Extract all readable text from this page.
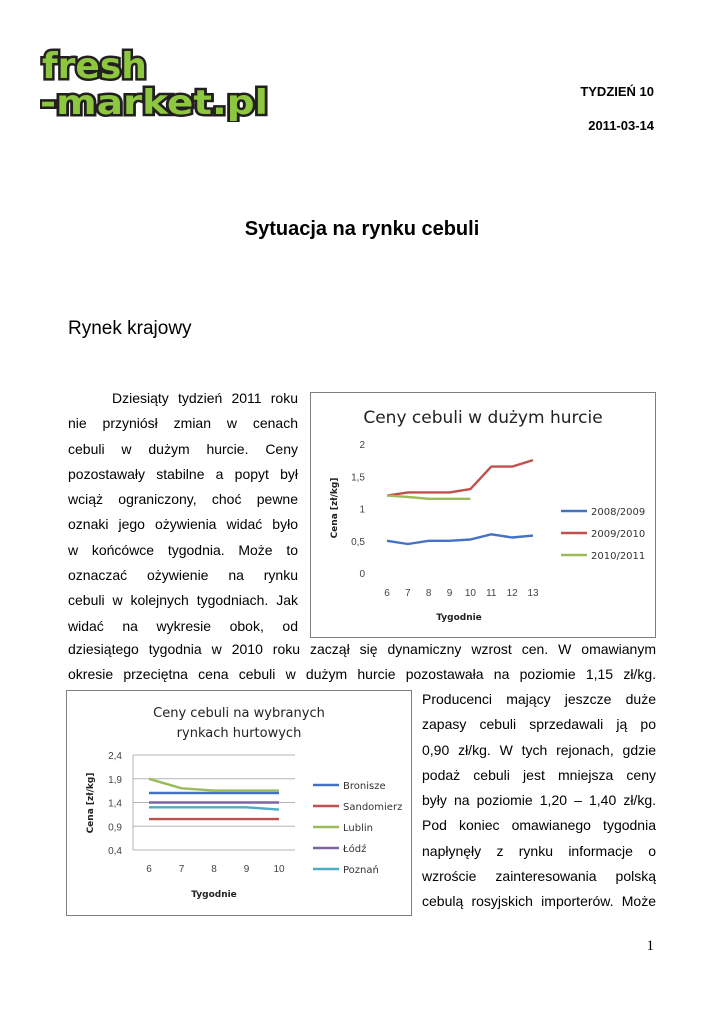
fresh
-market.pl	TYDZIEŃ 10
2011-03-14
Sytuacja na rynku cebuli
Rynek krajowy
Dziesiąty tydzień 2011 roku
nie przyniósł zmian w cenach
cebuli w dużym hurcie. Ceny
pozostawały stabilne a popyt był
wciąż ograniczony, choć pewne
oznaki jego ożywienia widać było
w końcówce tygodnia. Może to
oznaczać ożywienie na rynku
cebuli w kolejnych tygodniach. Jak
widać na wykresie obok, od
dziesiątego tygodnia w 2010 roku zaczął się dynamiczny wzrost cen. W omawianym
okresie przeciętna cena cebuli w dużym hurcie pozostawała na poziomie 1,15 zł/kg.
Producenci mający jeszcze duże
zapasy cebuli sprzedawali ją po
0,90 zł/kg. W tych rejonach, gdzie
podaż cebuli jest mniejsza ceny
były na poziomie 1,20 – 1,40 zł/kg.
Pod koniec omawianego tygodnia
napłynęły z rynku informacje o
wzroście zainteresowania polską
cebulą rosyjskich importerów. Może
Ceny cebuli w dużym hurcie
0
0,5
1
1,5
2
6 7 8 9 10 11 12 13
Tygodnie
Cena [zł/kg]	2008/2009
2009/2010
2010/2011
Ceny cebuli na wybranych
rynkach hurtowych
0,4
0,9
1,4
1,9
2,4
6	7	8	9 10
Tygodnie
Cena [zł/kg]	Bronisze
Sandomierz
Lublin
Łódź
Poznań
1
